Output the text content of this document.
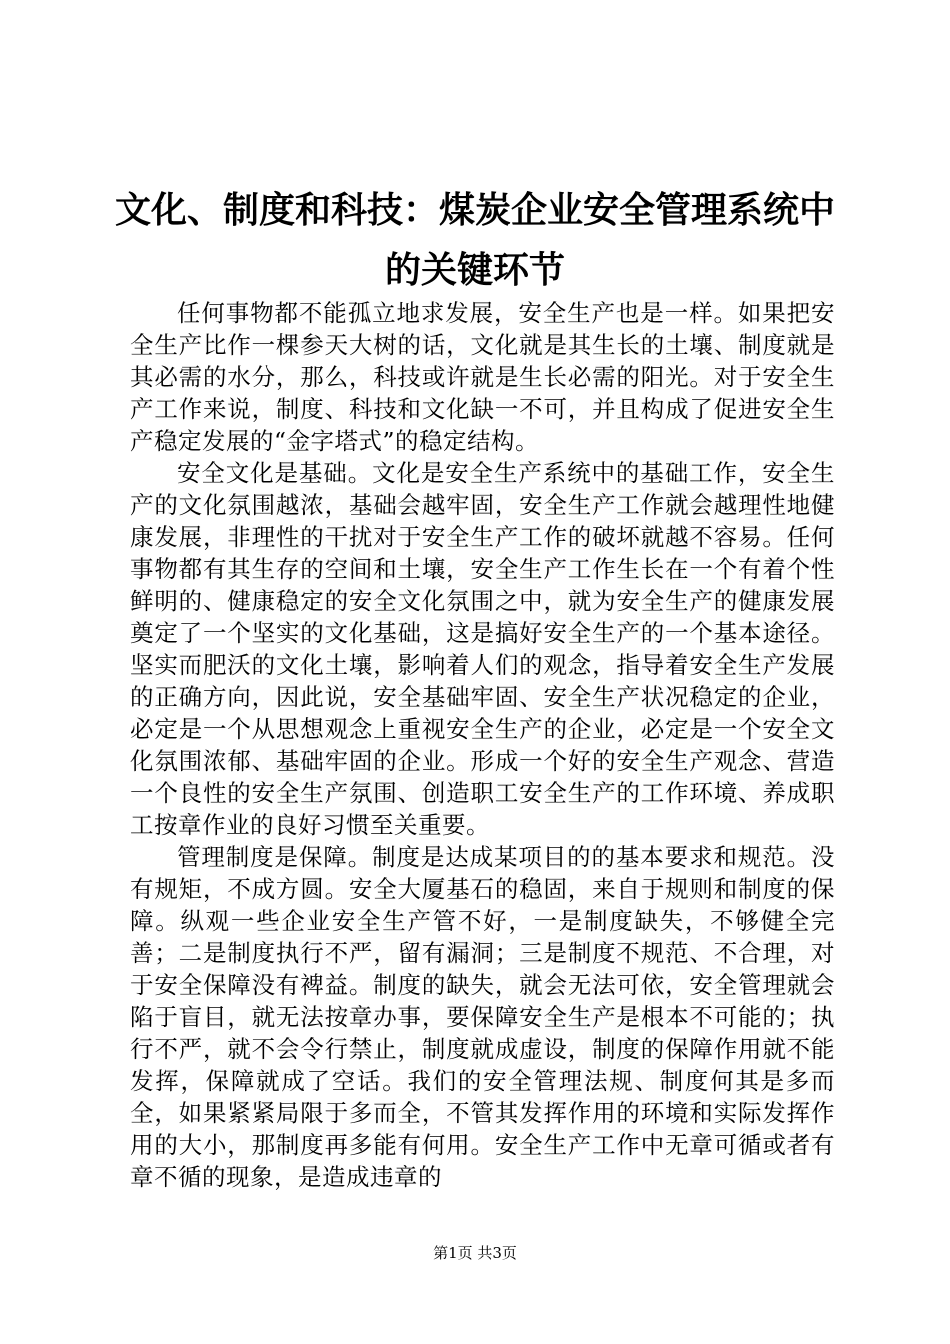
文化、制度和科技：煤炭企业安全管理系统中
的关键环节

任何事物都不能孤立地求发展，安全生产也是一样。如果把安全生产比作一棵参天大树的话，文化就是其生长的土壤、制度就是其必需的水分，那么，科技或许就是生长必需的阳光。对于安全生产工作来说，制度、科技和文化缺一不可，并且构成了促进安全生产稳定发展的“金字塔式”的稳定结构。

安全文化是基础。文化是安全生产系统中的基础工作，安全生产的文化氛围越浓，基础会越牢固，安全生产工作就会越理性地健康发展，非理性的干扰对于安全生产工作的破坏就越不容易。任何事物都有其生存的空间和土壤，安全生产工作生长在一个有着个性鲜明的、健康稳定的安全文化氛围之中，就为安全生产的健康发展奠定了一个坚实的文化基础，这是搞好安全生产的一个基本途径。坚实而肥沃的文化土壤，影响着人们的观念，指导着安全生产发展的正确方向，因此说，安全基础牢固、安全生产状况稳定的企业，必定是一个从思想观念上重视安全生产的企业，必定是一个安全文化氛围浓郁、基础牢固的企业。形成一个好的安全生产观念、营造一个良性的安全生产氛围、创造职工安全生产的工作环境、养成职工按章作业的良好习惯至关重要。

管理制度是保障。制度是达成某项目的的基本要求和规范。没有规矩，不成方圆。安全大厦基石的稳固，来自于规则和制度的保障。纵观一些企业安全生产管不好，一是制度缺失，不够健全完善；二是制度执行不严，留有漏洞；三是制度不规范、不合理，对于安全保障没有裨益。制度的缺失，就会无法可依，安全管理就会陷于盲目，就无法按章办事，要保障安全生产是根本不可能的；执行不严，就不会令行禁止，制度就成虚设，制度的保障作用就不能发挥，保障就成了空话。我们的安全管理法规、制度何其是多而全，如果紧紧局限于多而全，不管其发挥作用的环境和实际发挥作用的大小，那制度再多能有何用。安全生产工作中无章可循或者有章不循的现象，是造成违章的

第1页 共3页
